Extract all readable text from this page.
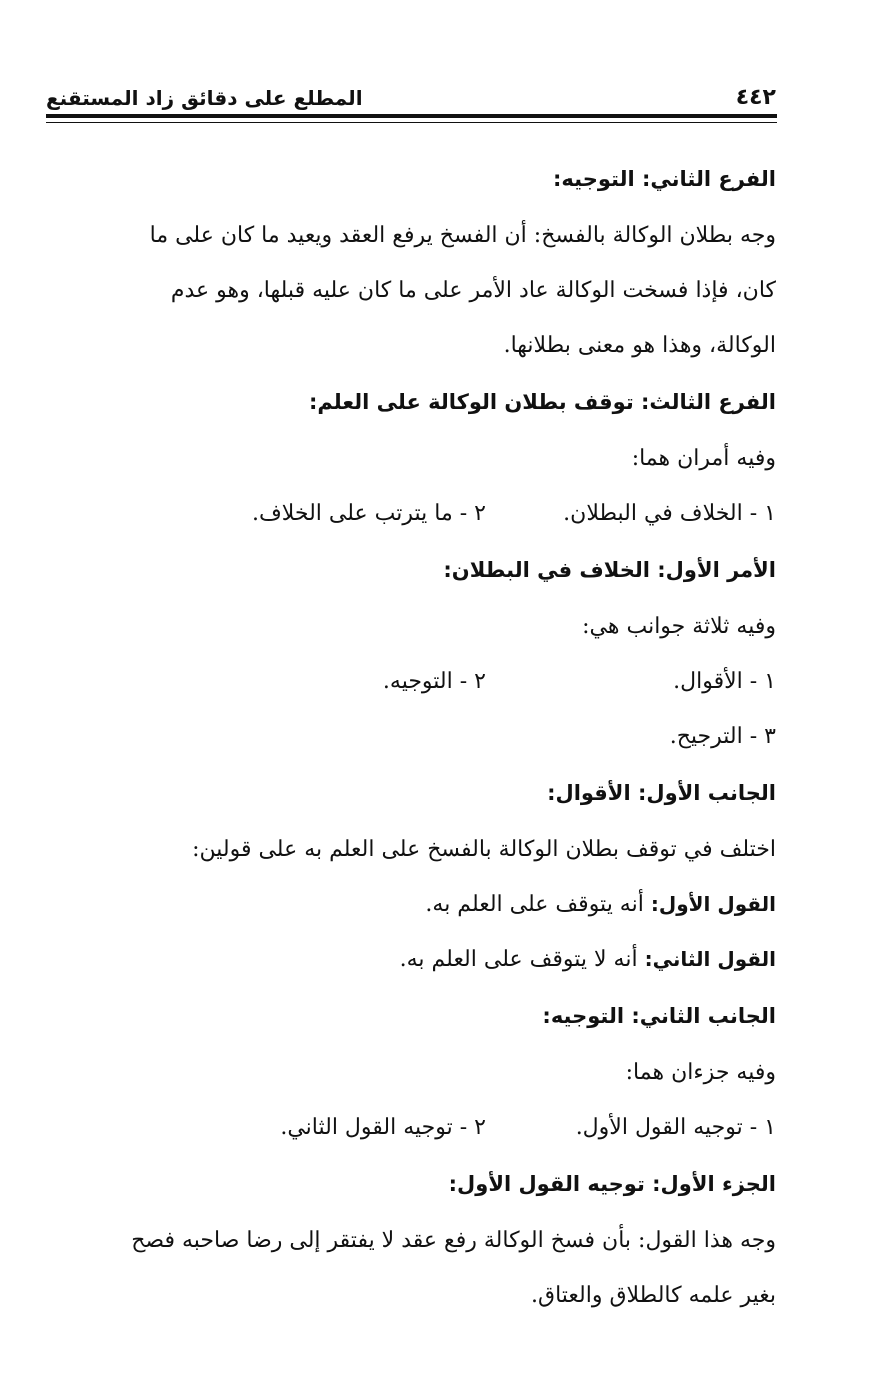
٤٤٢
المطلع على دقائق زاد المستقنع
الفرع الثاني: التوجيه:
وجه بطلان الوكالة بالفسخ: أن الفسخ يرفع العقد ويعيد ما كان على ما
كان، فإذا فسخت الوكالة عاد الأمر على ما كان عليه قبلها، وهو عدم
الوكالة، وهذا هو معنى بطلانها.
الفرع الثالث: توقف بطلان الوكالة على العلم:
وفيه أمران هما:
١ - الخلاف في البطلان.
٢ - ما يترتب على الخلاف.
الأمر الأول: الخلاف في البطلان:
وفيه ثلاثة جوانب هي:
١ - الأقوال.
٢ - التوجيه.
٣ - الترجيح.
الجانب الأول: الأقوال:
اختلف في توقف بطلان الوكالة بالفسخ على العلم به على قولين:
القول الأول: أنه يتوقف على العلم به.
القول الثاني: أنه لا يتوقف على العلم به.
الجانب الثاني: التوجيه:
وفيه جزءان هما:
١ - توجيه القول الأول.
٢ - توجيه القول الثاني.
الجزء الأول: توجيه القول الأول:
وجه هذا القول: بأن فسخ الوكالة رفع عقد لا يفتقر إلى رضا صاحبه فصح
بغير علمه كالطلاق والعتاق.
